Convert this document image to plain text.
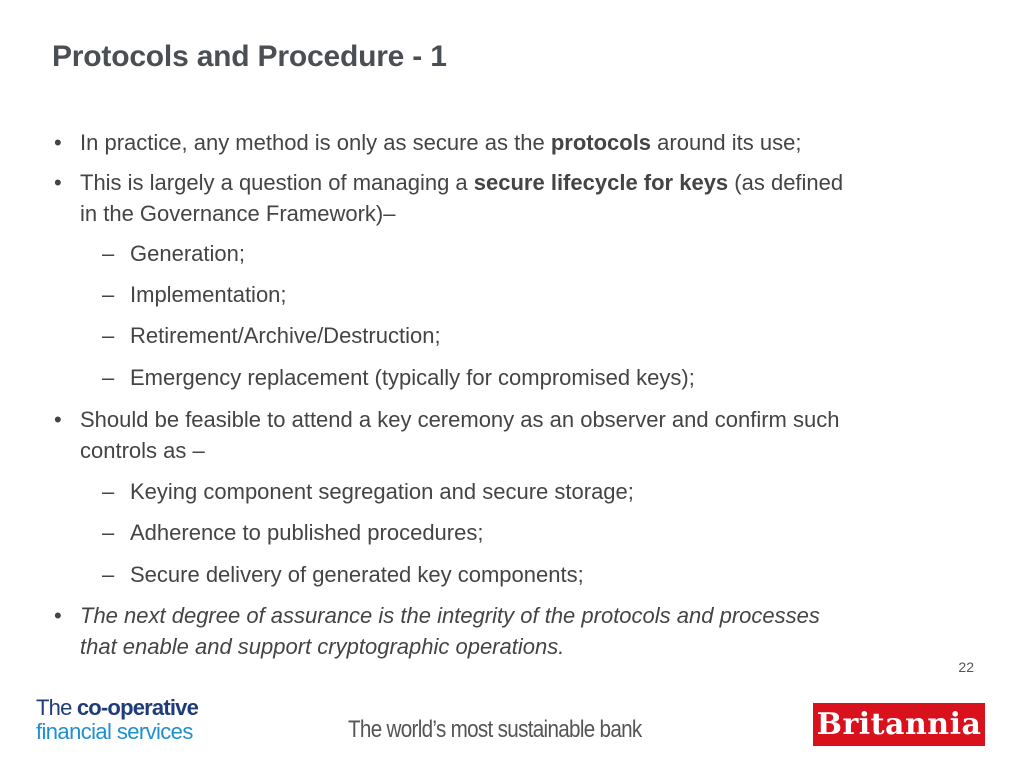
Protocols and Procedure - 1
• In practice, any method is only as secure as the protocols around its use;
• This is largely a question of managing a secure lifecycle for keys (as defined
in the Governance Framework)–
– Generation;
– Implementation;
– Retirement/Archive/Destruction;
– Emergency replacement (typically for compromised keys);
• Should be feasible to attend a key ceremony as an observer and confirm such
controls as –
– Keying component segregation and secure storage;
– Adherence to published procedures;
– Secure delivery of generated key components;
• The next degree of assurance is the integrity of the protocols and processes
that enable and support cryptographic operations.
22
The co-operative
financial services	The world’s most sustainable bank	Britannia
